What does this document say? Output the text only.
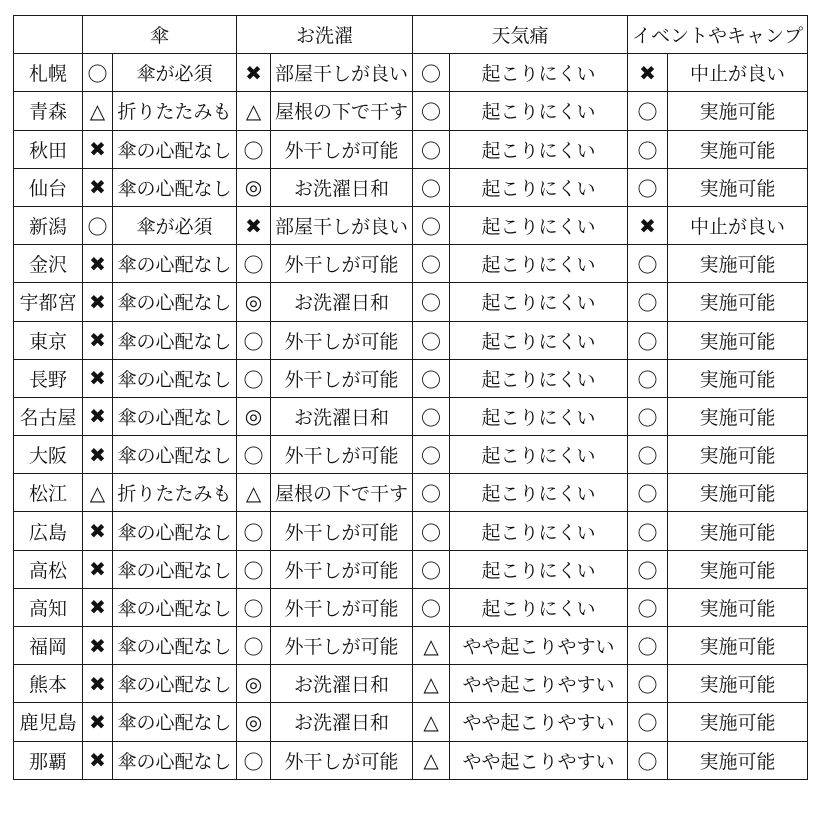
	傘		お洗濯		天気痛		イベントやキャンプ	
札幌	〇	傘が必須	✖	部屋干しが良い	〇	起こりにくい	✖	中止が良い
青森	△	折りたたみも	△	屋根の下で干す	〇	起こりにくい	〇	実施可能
秋田	✖	傘の心配なし	〇	外干しが可能	〇	起こりにくい	〇	実施可能
仙台	✖	傘の心配なし	◎	お洗濯日和	〇	起こりにくい	〇	実施可能
新潟	〇	傘が必須	✖	部屋干しが良い	〇	起こりにくい	✖	中止が良い
金沢	✖	傘の心配なし	〇	外干しが可能	〇	起こりにくい	〇	実施可能
宇都宮	✖	傘の心配なし	◎	お洗濯日和	〇	起こりにくい	〇	実施可能
東京	✖	傘の心配なし	〇	外干しが可能	〇	起こりにくい	〇	実施可能
長野	✖	傘の心配なし	〇	外干しが可能	〇	起こりにくい	〇	実施可能
名古屋	✖	傘の心配なし	◎	お洗濯日和	〇	起こりにくい	〇	実施可能
大阪	✖	傘の心配なし	〇	外干しが可能	〇	起こりにくい	〇	実施可能
松江	△	折りたたみも	△	屋根の下で干す	〇	起こりにくい	〇	実施可能
広島	✖	傘の心配なし	〇	外干しが可能	〇	起こりにくい	〇	実施可能
高松	✖	傘の心配なし	〇	外干しが可能	〇	起こりにくい	〇	実施可能
高知	✖	傘の心配なし	〇	外干しが可能	〇	起こりにくい	〇	実施可能
福岡	✖	傘の心配なし	〇	外干しが可能	△	やや起こりやすい	〇	実施可能
熊本	✖	傘の心配なし	◎	お洗濯日和	△	やや起こりやすい	〇	実施可能
鹿児島	✖	傘の心配なし	◎	お洗濯日和	△	やや起こりやすい	〇	実施可能
那覇	✖	傘の心配なし	〇	外干しが可能	△	やや起こりやすい	〇	実施可能
